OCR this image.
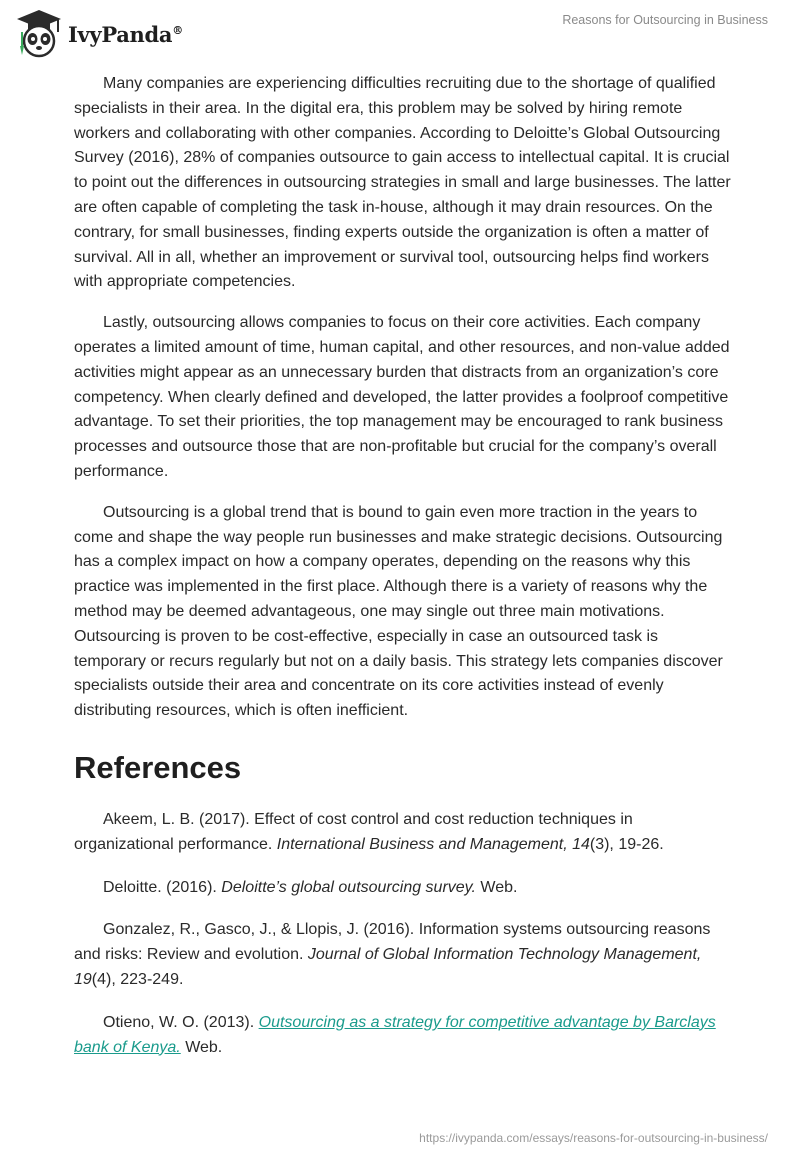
IvyPanda®
Reasons for Outsourcing in Business

Many companies are experiencing difficulties recruiting due to the shortage of qualified specialists in their area. In the digital era, this problem may be solved by hiring remote workers and collaborating with other companies. According to Deloitte’s Global Outsourcing Survey (2016), 28% of companies outsource to gain access to intellectual capital. It is crucial to point out the differences in outsourcing strategies in small and large businesses. The latter are often capable of completing the task in-house, although it may drain resources. On the contrary, for small businesses, finding experts outside the organization is often a matter of survival. All in all, whether an improvement or survival tool, outsourcing helps find workers with appropriate competencies.

Lastly, outsourcing allows companies to focus on their core activities. Each company operates a limited amount of time, human capital, and other resources, and non-value added activities might appear as an unnecessary burden that distracts from an organization’s core competency. When clearly defined and developed, the latter provides a foolproof competitive advantage. To set their priorities, the top management may be encouraged to rank business processes and outsource those that are non-profitable but crucial for the company’s overall performance.

Outsourcing is a global trend that is bound to gain even more traction in the years to come and shape the way people run businesses and make strategic decisions. Outsourcing has a complex impact on how a company operates, depending on the reasons why this practice was implemented in the first place. Although there is a variety of reasons why the method may be deemed advantageous, one may single out three main motivations. Outsourcing is proven to be cost-effective, especially in case an outsourced task is temporary or recurs regularly but not on a daily basis. This strategy lets companies discover specialists outside their area and concentrate on its core activities instead of evenly distributing resources, which is often inefficient.

References

Akeem, L. B. (2017). Effect of cost control and cost reduction techniques in organizational performance. International Business and Management, 14(3), 19-26.

Deloitte. (2016). Deloitte’s global outsourcing survey. Web.

Gonzalez, R., Gasco, J., & Llopis, J. (2016). Information systems outsourcing reasons and risks: Review and evolution. Journal of Global Information Technology Management, 19(4), 223-249.

Otieno, W. O. (2013). Outsourcing as a strategy for competitive advantage by Barclays bank of Kenya. Web.

https://ivypanda.com/essays/reasons-for-outsourcing-in-business/
